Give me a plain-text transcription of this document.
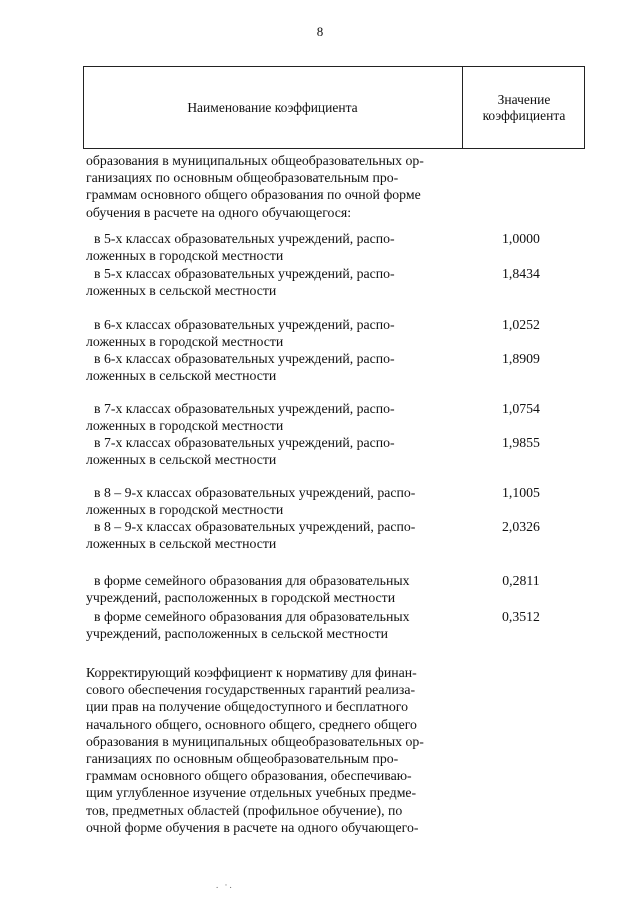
8
Наименование коэффициента
Значение
коэффициента
образования в муниципальных общеобразовательных ор-
ганизациях по основным общеобразовательным про-
граммам основного общего образования по очной форме
обучения в расчете на одного обучающегося:
в 5-х классах образовательных учреждений, распо-
ложенных в городской местности
1,0000
в 5-х классах образовательных учреждений, распо-
ложенных в сельской местности
1,8434
в 6-х классах образовательных учреждений, распо-
ложенных в городской местности
1,0252
в 6-х классах образовательных учреждений, распо-
ложенных в сельской местности
1,8909
в 7-х классах образовательных учреждений, распо-
ложенных в городской местности
1,0754
в 7-х классах образовательных учреждений, распо-
ложенных в сельской местности
1,9855
в 8 – 9-х классах образовательных учреждений, распо-
ложенных в городской местности
1,1005
в 8 – 9-х классах образовательных учреждений, распо-
ложенных в сельской местности
2,0326
в форме семейного образования для образовательных
учреждений, расположенных в городской местности
0,2811
в форме семейного образования для образовательных
учреждений, расположенных в сельской местности
0,3512
Корректирующий коэффициент к нормативу для финан-
сового обеспечения государственных гарантий реализа-
ции прав на получение общедоступного и бесплатного
начального общего, основного общего, среднего общего
образования в муниципальных общеобразовательных ор-
ганизациях по основным общеобразовательным про-
граммам основного общего образования, обеспечиваю-
щим углубленное изучение отдельных учебных предме-
тов, предметных областей (профильное обучение), по
очной форме обучения в расчете на одного обучающего-
. ·.
